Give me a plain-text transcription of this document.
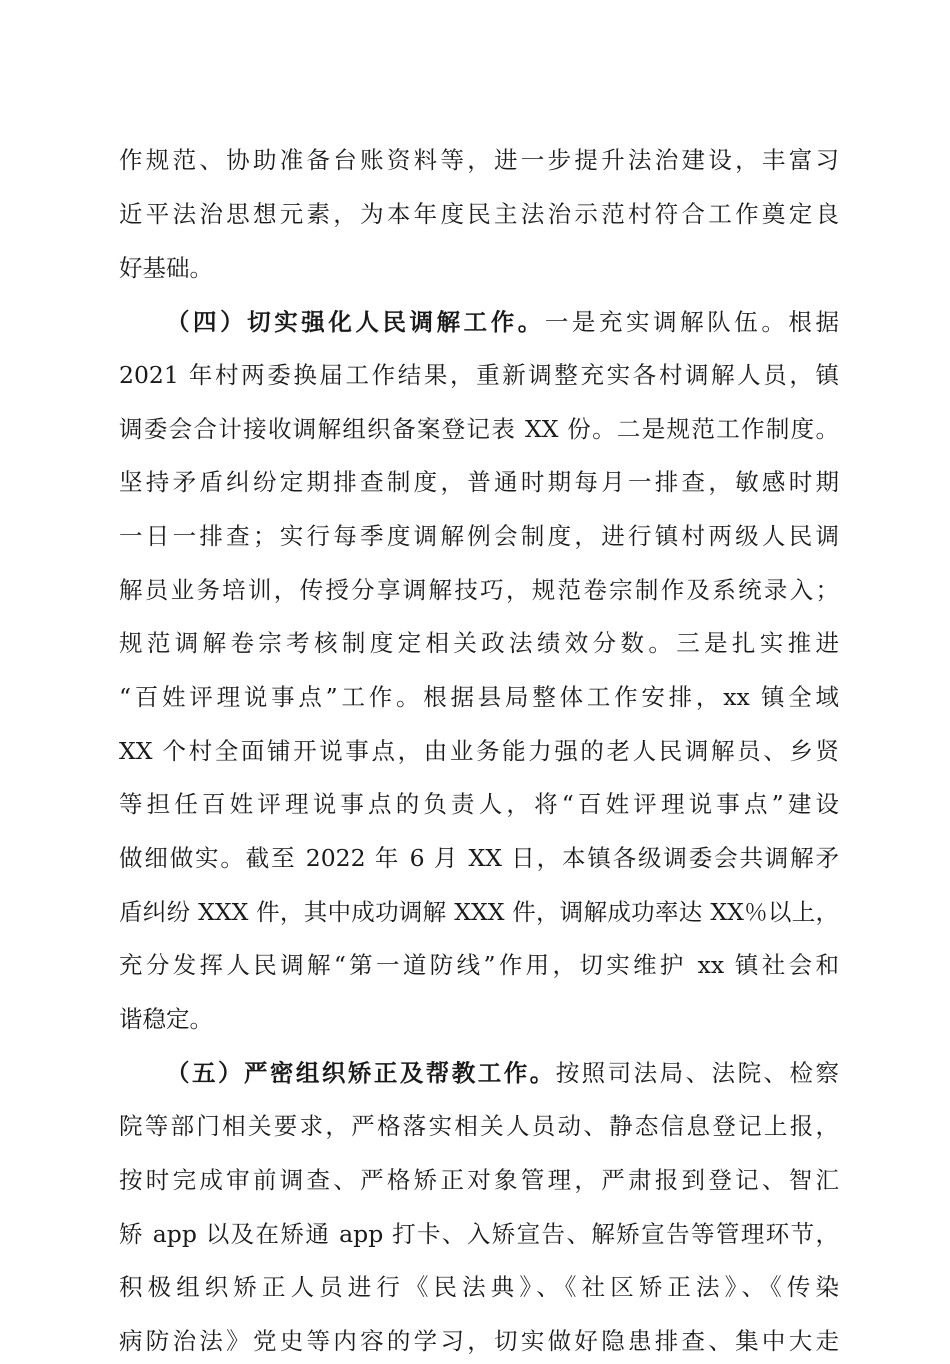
作规范、协助准备台账资料等，进一步提升法治建设，丰富习
近平法治思想元素，为本年度民主法治示范村符合工作奠定良
好基础。
（四）切实强化人民调解工作。一是充实调解队伍。根据
2021 年村两委换届工作结果，重新调整充实各村调解人员，镇
调委会合计接收调解组织备案登记表 XX 份。二是规范工作制度。
坚持矛盾纠纷定期排查制度，普通时期每月一排查，敏感时期
一日一排查；实行每季度调解例会制度，进行镇村两级人民调
解员业务培训，传授分享调解技巧，规范卷宗制作及系统录入；
规范调解卷宗考核制度定相关政法绩效分数。三是扎实推进
“百姓评理说事点”工作。根据县局整体工作安排，xx 镇全域
XX 个村全面铺开说事点，由业务能力强的老人民调解员、乡贤
等担任百姓评理说事点的负责人，将“百姓评理说事点”建设
做细做实。截至 2022 年 6 月 XX 日，本镇各级调委会共调解矛
盾纠纷 XXX 件，其中成功调解 XXX 件，调解成功率达 XX％以上，
充分发挥人民调解“第一道防线”作用，切实维护 xx 镇社会和
谐稳定。
（五）严密组织矫正及帮教工作。按照司法局、法院、检察
院等部门相关要求，严格落实相关人员动、静态信息登记上报，
按时完成审前调查、严格矫正对象管理，严肃报到登记、智汇
矫 app 以及在矫通 app 打卡、入矫宣告、解矫宣告等管理环节，
积极组织矫正人员进行《民法典》、《社区矫正法》、《传染
病防治法》党史等内容的学习，切实做好隐患排查、集中大走
